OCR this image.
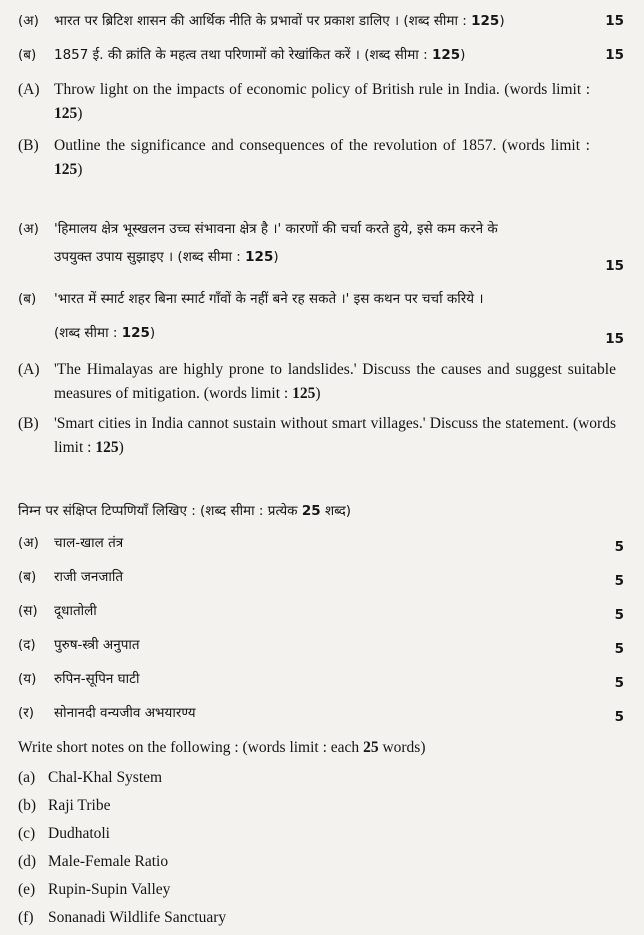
(अ) भारत पर ब्रिटिश शासन की आर्थिक नीति के प्रभावों पर प्रकाश डालिए । (शब्द सीमा : 125)	15
(ब) 1857 ई. की क्रांति के महत्व तथा परिणामों को रेखांकित करें । (शब्द सीमा : 125)	15
(A) Throw light on the impacts of economic policy of British rule in India. (words limit : 125)
(B) Outline the significance and consequences of the revolution of 1857. (words limit : 125)
(अ) 'हिमालय क्षेत्र भूस्खलन उच्च संभावना क्षेत्र है ।' कारणों की चर्चा करते हुये, इसे कम करने के
उपयुक्त उपाय सुझाइए । (शब्द सीमा : 125)
15
(ब) 'भारत में स्मार्ट शहर बिना स्मार्ट गाँवों के नहीं बने रह सकते ।' इस कथन पर चर्चा करिये ।
(शब्द सीमा : 125)	15
(A) 'The Himalayas are highly prone to landslides.' Discuss the causes and suggest suitable measures of mitigation. (words limit : 125)
(B) 'Smart cities in India cannot sustain without smart villages.' Discuss the statement. (words limit : 125)
निम्न पर संक्षिप्त टिप्पणियाँ लिखिए : (शब्द सीमा : प्रत्येक 25 शब्द)
(अ) चाल-खाल तंत्र	5
(ब) राजी जनजाति	5
(स) दूधातोली	5
(द) पुरुष-स्त्री अनुपात	5
(य) रुपिन-सूपिन घाटी	5
(र) सोनानदी वन्यजीव अभयारण्य	5
Write short notes on the following : (words limit : each 25 words)
(a) Chal-Khal System
(b) Raji Tribe
(c) Dudhatoli
(d) Male-Female Ratio
(e) Rupin-Supin Valley
(f) Sonanadi Wildlife Sanctuary
